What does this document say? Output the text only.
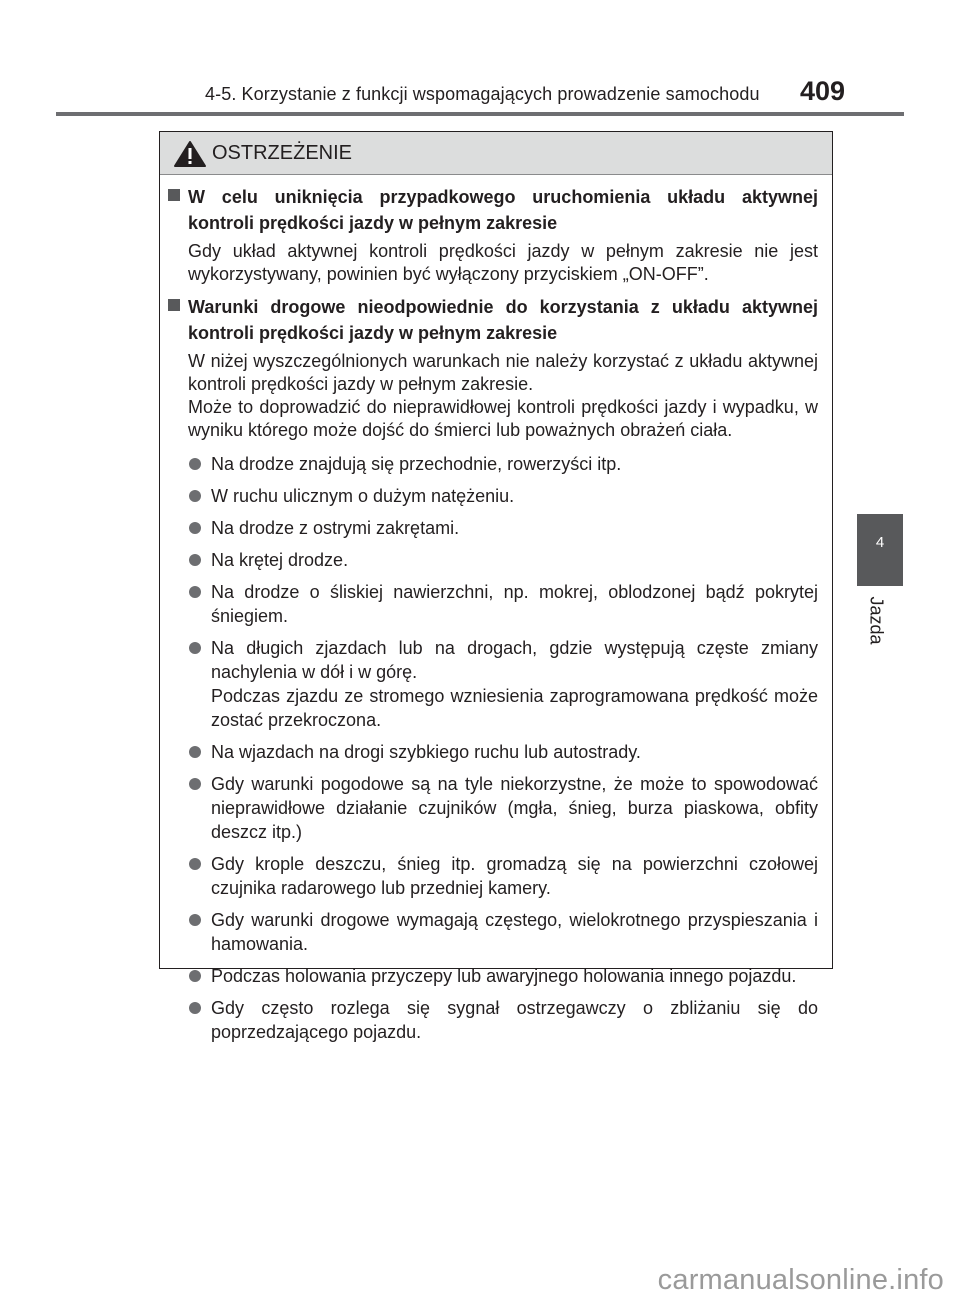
4-5. Korzystanie z funkcji wspomagających prowadzenie samochodu 409
4
Jazda
OSTRZEŻENIE
W celu uniknięcia przypadkowego uruchomienia układu aktywnej kontroli prędkości jazdy w pełnym zakresie
Gdy układ aktywnej kontroli prędkości jazdy w pełnym zakresie nie jest wykorzystywany, powinien być wyłączony przyciskiem „ON-OFF”.
Warunki drogowe nieodpowiednie do korzystania z układu aktywnej kontroli prędkości jazdy w pełnym zakresie
W niżej wyszczególnionych warunkach nie należy korzystać z układu aktywnej kontroli prędkości jazdy w pełnym zakresie.
Może to doprowadzić do nieprawidłowej kontroli prędkości jazdy i wypadku, w wyniku którego może dojść do śmierci lub poważnych obrażeń ciała.
Na drodze znajdują się przechodnie, rowerzyści itp.
W ruchu ulicznym o dużym natężeniu.
Na drodze z ostrymi zakrętami.
Na krętej drodze.
Na drodze o śliskiej nawierzchni, np. mokrej, oblodzonej bądź pokrytej śniegiem.
Na długich zjazdach lub na drogach, gdzie występują częste zmiany nachylenia w dół i w górę.
Podczas zjazdu ze stromego wzniesienia zaprogramowana prędkość może zostać przekroczona.
Na wjazdach na drogi szybkiego ruchu lub autostrady.
Gdy warunki pogodowe są na tyle niekorzystne, że może to spowodować nieprawidłowe działanie czujników (mgła, śnieg, burza piaskowa, obfity deszcz itp.)
Gdy krople deszczu, śnieg itp. gromadzą się na powierzchni czołowej czujnika radarowego lub przedniej kamery.
Gdy warunki drogowe wymagają częstego, wielokrotnego przyspieszania i hamowania.
Podczas holowania przyczepy lub awaryjnego holowania innego pojazdu.
Gdy często rozlega się sygnał ostrzegawczy o zbliżaniu się do poprzedzającego pojazdu.
carmanualsonline.info
